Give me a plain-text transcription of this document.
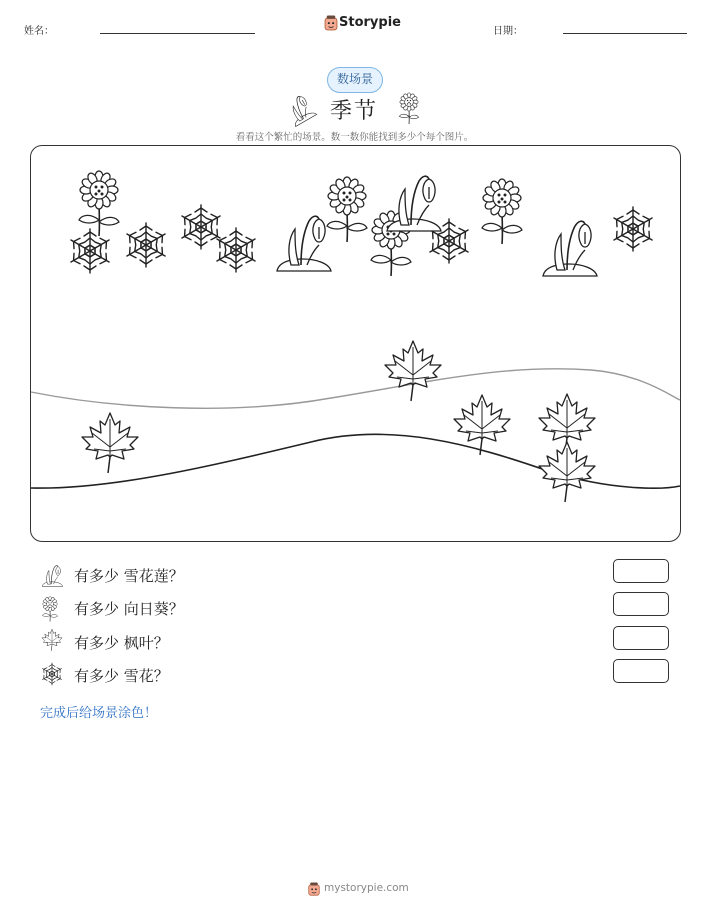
姓名：
Storypie
日期：
数场景
季节
看看这个繁忙的场景。数一数你能找到多少个每个图片。
有多少 雪花莲？
有多少 向日葵？
有多少 枫叶？
有多少 雪花？
完成后给场景涂色！
mystorypie.com
